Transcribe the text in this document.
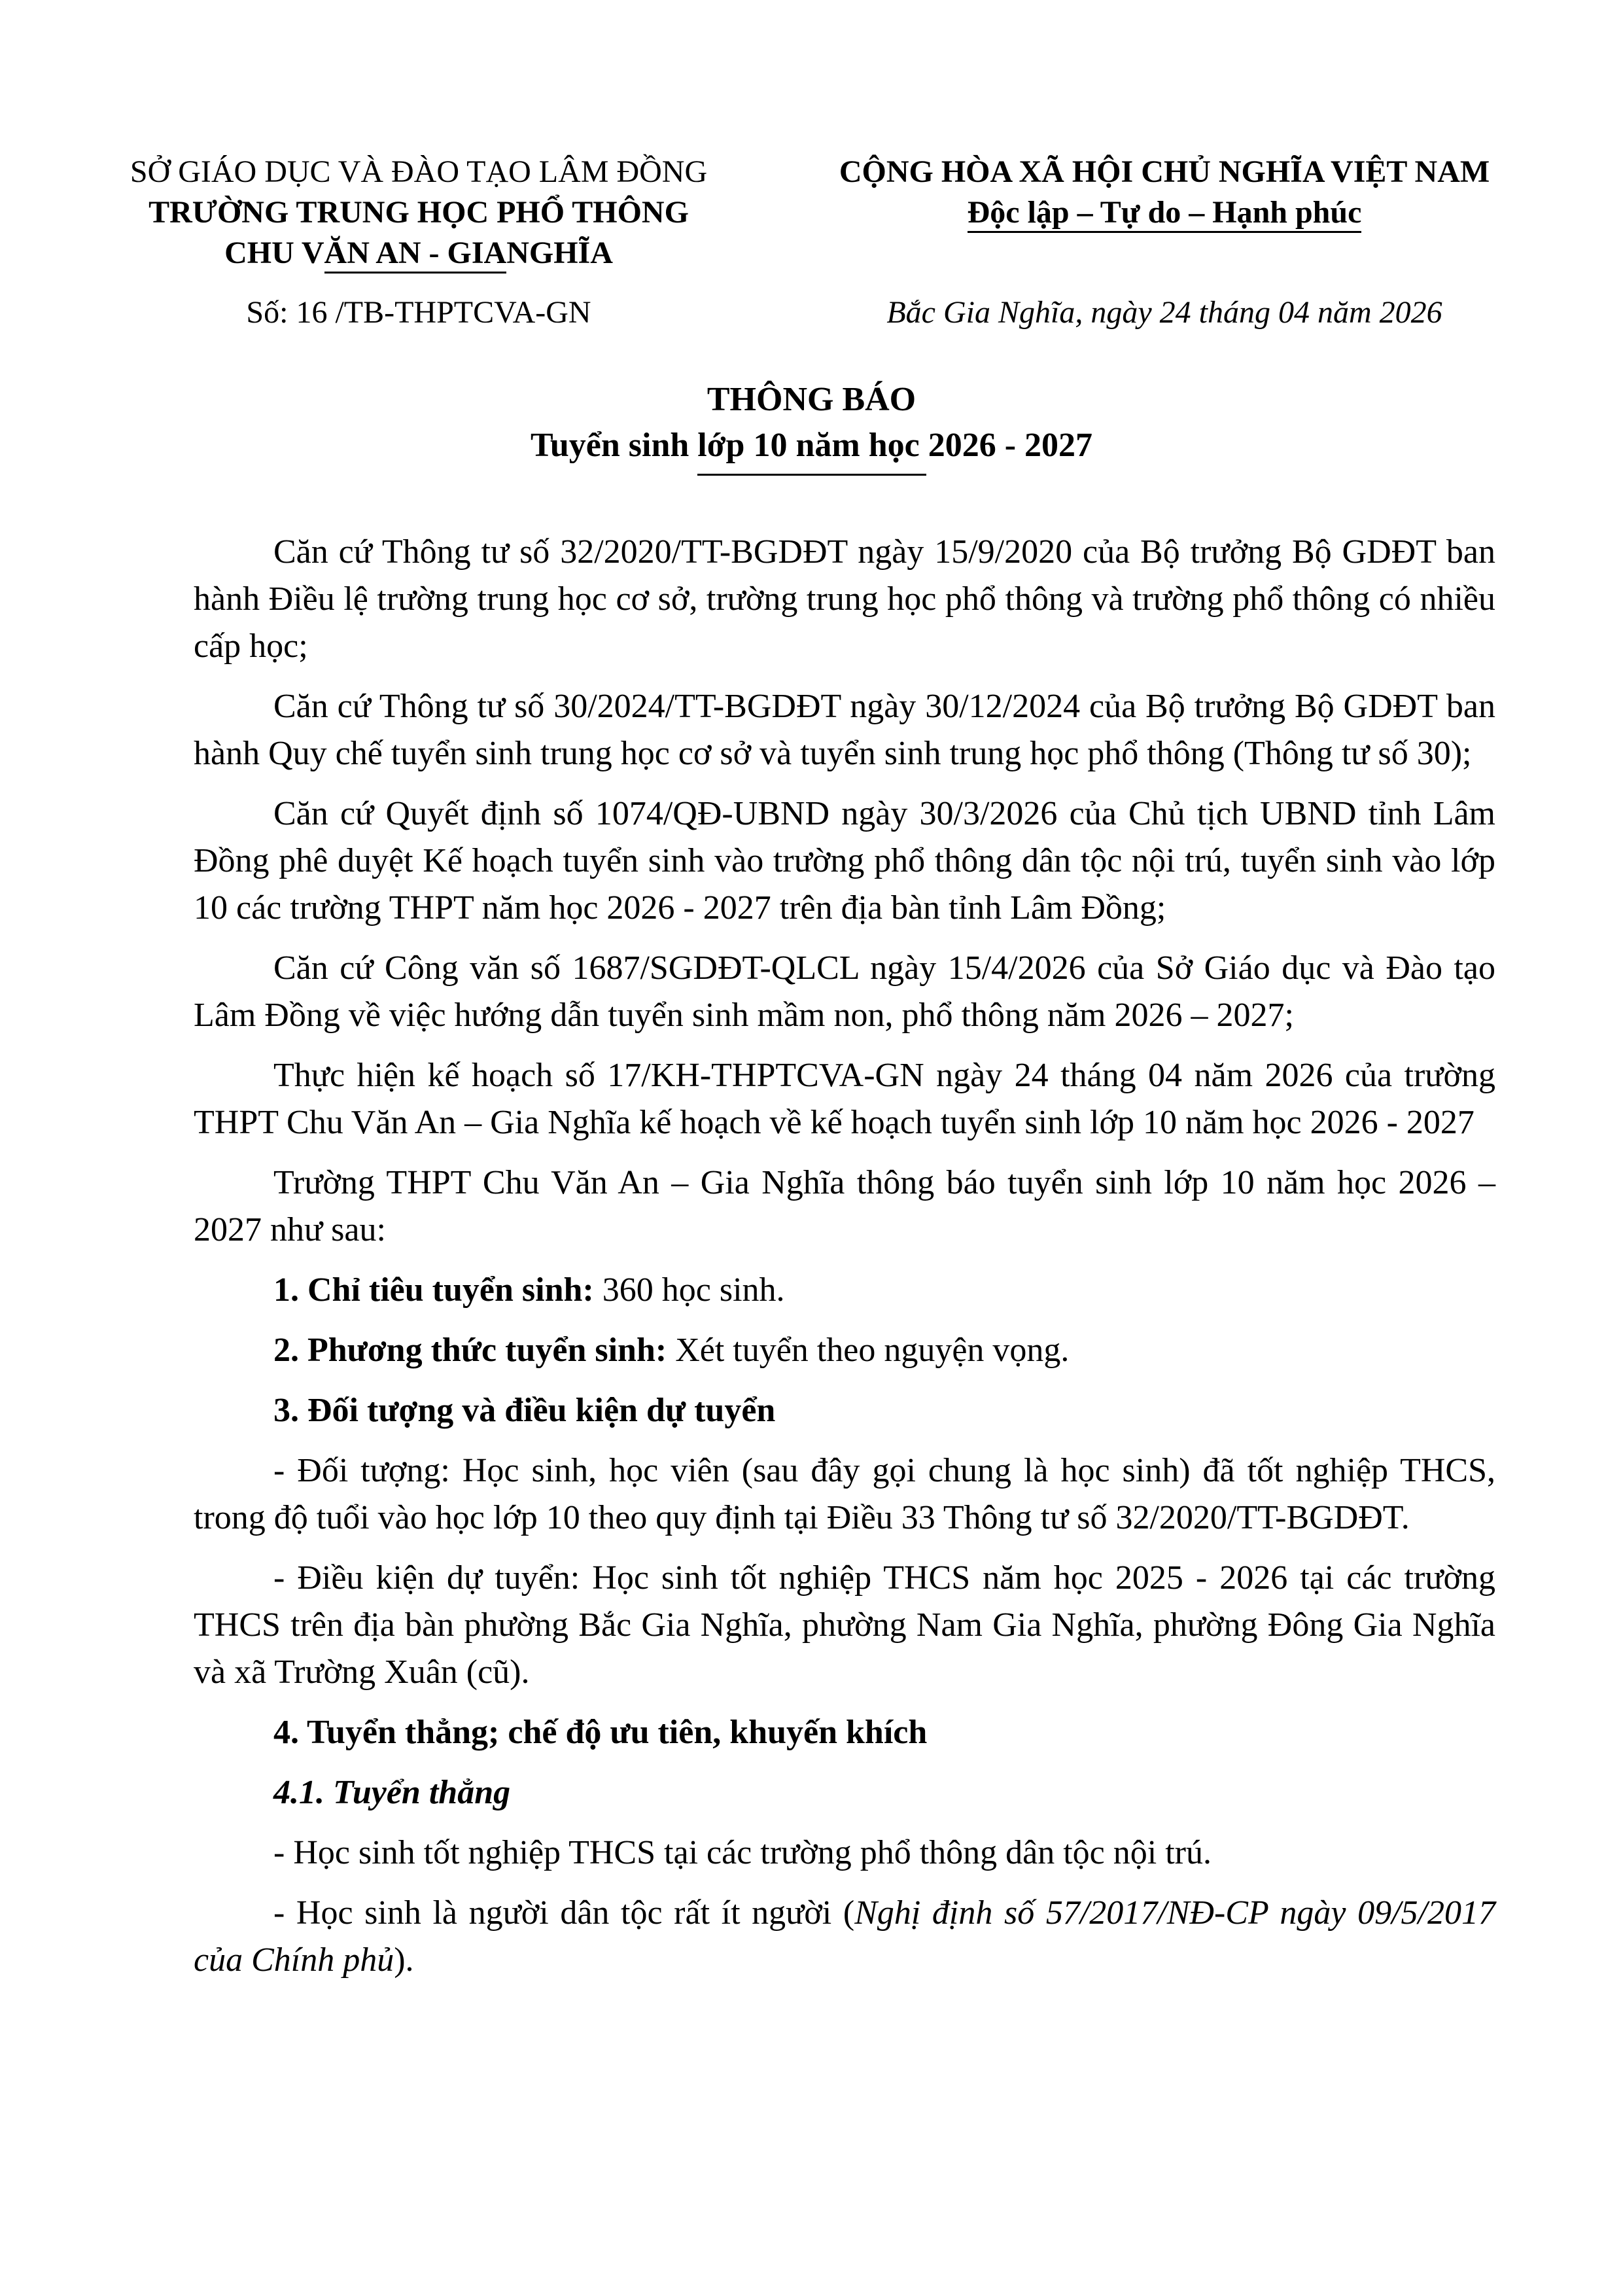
SỞ GIÁO DỤC VÀ ĐÀO TẠO LÂM ĐỒNG
TRƯỜNG TRUNG HỌC PHỔ THÔNG
CHU VĂN AN - GIANGHĨA
CỘNG HÒA XÃ HỘI CHỦ NGHĨA VIỆT NAM
Độc lập – Tự do – Hạnh phúc
Số: 16 /TB-THPTCVA-GN	Bắc Gia Nghĩa, ngày 24 tháng 04 năm 2026
THÔNG BÁO
Tuyển sinh lớp 10 năm học 2026 - 2027

Căn cứ Thông tư số 32/2020/TT-BGDĐT ngày 15/9/2020 của Bộ trưởng Bộ GDĐT ban hành Điều lệ trường trung học cơ sở, trường trung học phổ thông và trường phổ thông có nhiều cấp học;

Căn cứ Thông tư số 30/2024/TT-BGDĐT ngày 30/12/2024 của Bộ trưởng Bộ GDĐT ban hành Quy chế tuyển sinh trung học cơ sở và tuyển sinh trung học phổ thông (Thông tư số 30);

Căn cứ Quyết định số 1074/QĐ-UBND ngày 30/3/2026 của Chủ tịch UBND tỉnh Lâm Đồng phê duyệt Kế hoạch tuyển sinh vào trường phổ thông dân tộc nội trú, tuyển sinh vào lớp 10 các trường THPT năm học 2026 - 2027 trên địa bàn tỉnh Lâm Đồng;

Căn cứ Công văn số 1687/SGDĐT-QLCL ngày 15/4/2026 của Sở Giáo dục và Đào tạo Lâm Đồng về việc hướng dẫn tuyển sinh mầm non, phổ thông năm 2026 – 2027;

Thực hiện kế hoạch số 17/KH-THPTCVA-GN ngày 24 tháng 04 năm 2026 của trường THPT Chu Văn An – Gia Nghĩa kế hoạch về kế hoạch tuyển sinh lớp 10 năm học 2026 - 2027

Trường THPT Chu Văn An – Gia Nghĩa thông báo tuyển sinh lớp 10 năm học 2026 – 2027 như sau:

1. Chỉ tiêu tuyển sinh: 360 học sinh.

2. Phương thức tuyển sinh: Xét tuyển theo nguyện vọng.

3. Đối tượng và điều kiện dự tuyển

- Đối tượng: Học sinh, học viên (sau đây gọi chung là học sinh) đã tốt nghiệp THCS, trong độ tuổi vào học lớp 10 theo quy định tại Điều 33 Thông tư số 32/2020/TT-BGDĐT.

- Điều kiện dự tuyển: Học sinh tốt nghiệp THCS năm học 2025 - 2026 tại các trường THCS trên địa bàn phường Bắc Gia Nghĩa, phường Nam Gia Nghĩa, phường Đông Gia Nghĩa và xã Trường Xuân (cũ).

4. Tuyển thẳng; chế độ ưu tiên, khuyến khích

4.1. Tuyển thẳng

- Học sinh tốt nghiệp THCS tại các trường phổ thông dân tộc nội trú.

- Học sinh là người dân tộc rất ít người (Nghị định số 57/2017/NĐ-CP ngày 09/5/2017 của Chính phủ).
